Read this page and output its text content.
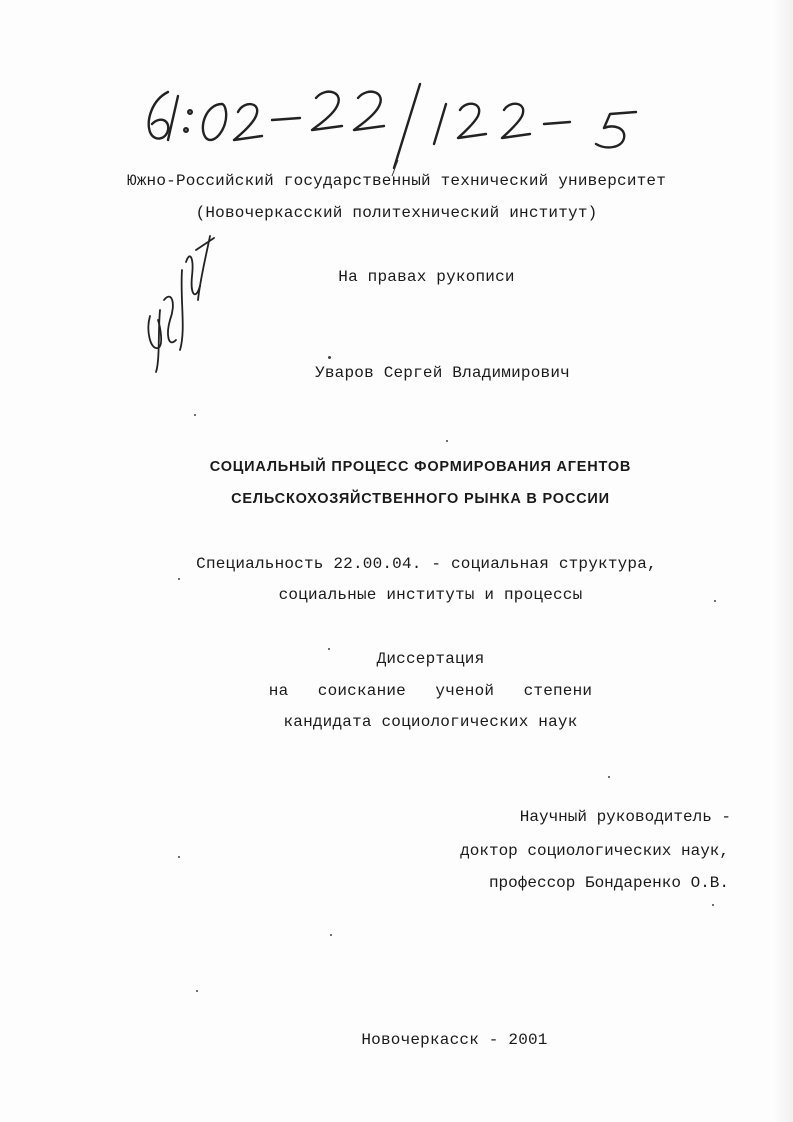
Южно-Российский государственный технический университет
(Новочеркасский политехнический институт)
На правах рукописи
Уваров Сергей Владимирович
СОЦИАЛЬНЫЙ ПРОЦЕСС ФОРМИРОВАНИЯ АГЕНТОВ
СЕЛЬСКОХОЗЯЙСТВЕННОГО РЫНКА В РОССИИ
Специальность 22.00.04. - социальная структура,
социальные институты и процессы
Диссертация
на   соискание   ученой   степени
кандидата социологических наук
Научный руководитель -
доктор социологических наук,
профессор Бондаренко О.В.
Новочеркасск - 2001
